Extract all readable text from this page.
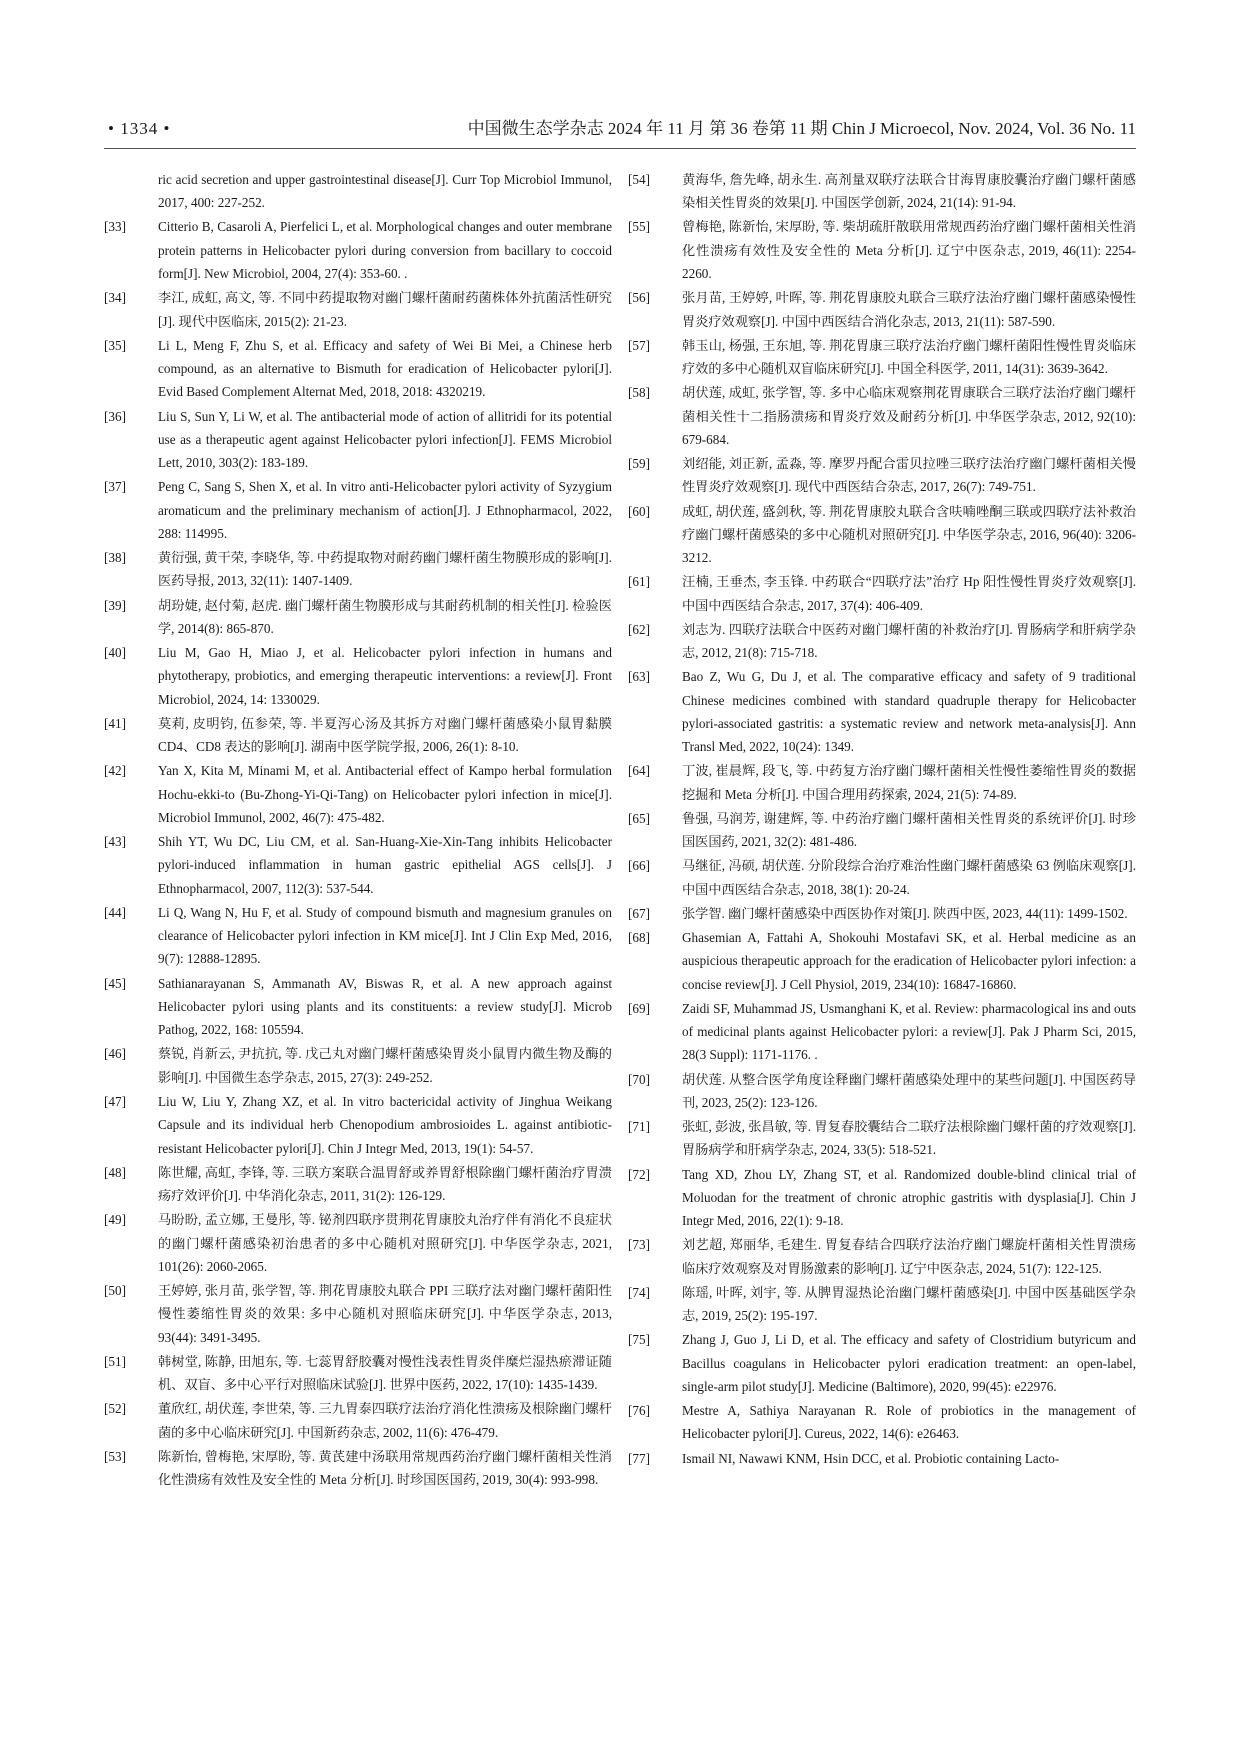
• 1334 •	中国微生态学杂志 2024 年 11 月 第 36 卷第 11 期 Chin J Microecol, Nov. 2024, Vol. 36 No. 11
ric acid secretion and upper gastrointestinal disease[J]. Curr Top Microbiol Immunol, 2017, 400: 227-252.
[33]	Citterio B, Casaroli A, Pierfelici L, et al. Morphological changes and outer membrane protein patterns in Helicobacter pylori during conversion from bacillary to coccoid form[J]. New Microbiol, 2004, 27(4): 353-60. .
[34]	李江, 成虹, 高文, 等. 不同中药提取物对幽门螺杆菌耐药菌株体外抗菌活性研究[J]. 现代中医临床, 2015(2): 21-23.
[35]	Li L, Meng F, Zhu S, et al. Efficacy and safety of Wei Bi Mei, a Chinese herb compound, as an alternative to Bismuth for eradication of Helicobacter pylori[J]. Evid Based Complement Alternat Med, 2018, 2018: 4320219.
[36]	Liu S, Sun Y, Li W, et al. The antibacterial mode of action of allitridi for its potential use as a therapeutic agent against Helicobacter pylori infection[J]. FEMS Microbiol Lett, 2010, 303(2): 183-189.
[37]	Peng C, Sang S, Shen X, et al. In vitro anti-Helicobacter pylori activity of Syzygium aromaticum and the preliminary mechanism of action[J]. J Ethnopharmacol, 2022, 288: 114995.
[38]	黄衍强, 黄干荣, 李晓华, 等. 中药提取物对耐药幽门螺杆菌生物膜形成的影响[J]. 医药导报, 2013, 32(11): 1407-1409.
[39]	胡玢婕, 赵付菊, 赵虎. 幽门螺杆菌生物膜形成与其耐药机制的相关性[J]. 检验医学, 2014(8): 865-870.
[40]	Liu M, Gao H, Miao J, et al. Helicobacter pylori infection in humans and phytotherapy, probiotics, and emerging therapeutic interventions: a review[J]. Front Microbiol, 2024, 14: 1330029.
[41]	莫莉, 皮明钧, 伍参荣, 等. 半夏泻心汤及其拆方对幽门螺杆菌感染小鼠胃黏膜 CD4、CD8 表达的影响[J]. 湖南中医学院学报, 2006, 26(1): 8-10.
[42]	Yan X, Kita M, Minami M, et al. Antibacterial effect of Kampo herbal formulation Hochu-ekki-to (Bu-Zhong-Yi-Qi-Tang) on Helicobacter pylori infection in mice[J]. Microbiol Immunol, 2002, 46(7): 475-482.
[43]	Shih YT, Wu DC, Liu CM, et al. San-Huang-Xie-Xin-Tang inhibits Helicobacter pylori-induced inflammation in human gastric epithelial AGS cells[J]. J Ethnopharmacol, 2007, 112(3): 537-544.
[44]	Li Q, Wang N, Hu F, et al. Study of compound bismuth and magnesium granules on clearance of Helicobacter pylori infection in KM mice[J]. Int J Clin Exp Med, 2016, 9(7): 12888-12895.
[45]	Sathianarayanan S, Ammanath AV, Biswas R, et al. A new approach against Helicobacter pylori using plants and its constituents: a review study[J]. Microb Pathog, 2022, 168: 105594.
[46]	蔡锐, 肖新云, 尹抗抗, 等. 戊己丸对幽门螺杆菌感染胃炎小鼠胃内微生物及酶的影响[J]. 中国微生态学杂志, 2015, 27(3): 249-252.
[47]	Liu W, Liu Y, Zhang XZ, et al. In vitro bactericidal activity of Jinghua Weikang Capsule and its individual herb Chenopodium ambrosioides L. against antibiotic-resistant Helicobacter pylori[J]. Chin J Integr Med, 2013, 19(1): 54-57.
[48]	陈世耀, 高虹, 李锋, 等. 三联方案联合温胃舒或养胃舒根除幽门螺杆菌治疗胃溃疡疗效评价[J]. 中华消化杂志, 2011, 31(2): 126-129.
[49]	马盼盼, 孟立娜, 王曼彤, 等. 铋剂四联序贯荆花胃康胶丸治疗伴有消化不良症状的幽门螺杆菌感染初治患者的多中心随机对照研究[J]. 中华医学杂志, 2021, 101(26): 2060-2065.
[50]	王婷婷, 张月苗, 张学智, 等. 荆花胃康胶丸联合 PPI 三联疗法对幽门螺杆菌阳性慢性萎缩性胃炎的效果: 多中心随机对照临床研究[J]. 中华医学杂志, 2013, 93(44): 3491-3495.
[51]	韩树堂, 陈静, 田旭东, 等. 七蕊胃舒胶囊对慢性浅表性胃炎伴糜烂湿热瘀滞证随机、双盲、多中心平行对照临床试验[J]. 世界中医药, 2022, 17(10): 1435-1439.
[52]	董欣红, 胡伏莲, 李世荣, 等. 三九胃泰四联疗法治疗消化性溃疡及根除幽门螺杆菌的多中心临床研究[J]. 中国新药杂志, 2002, 11(6): 476-479.
[53]	陈新怡, 曾梅艳, 宋厚盼, 等. 黄芪建中汤联用常规西药治疗幽门螺杆菌相关性消化性溃疡有效性及安全性的 Meta 分析[J]. 时珍国医国药, 2019, 30(4): 993-998.
[54]	黄海华, 詹先峰, 胡永生. 高剂量双联疗法联合甘海胃康胶囊治疗幽门螺杆菌感染相关性胃炎的效果[J]. 中国医学创新, 2024, 21(14): 91-94.
[55]	曾梅艳, 陈新怡, 宋厚盼, 等. 柴胡疏肝散联用常规西药治疗幽门螺杆菌相关性消化性溃疡有效性及安全性的 Meta 分析[J]. 辽宁中医杂志, 2019, 46(11): 2254-2260.
[56]	张月苗, 王婷婷, 叶晖, 等. 荆花胃康胶丸联合三联疗法治疗幽门螺杆菌感染慢性胃炎疗效观察[J]. 中国中西医结合消化杂志, 2013, 21(11): 587-590.
[57]	韩玉山, 杨强, 王东旭, 等. 荆花胃康三联疗法治疗幽门螺杆菌阳性慢性胃炎临床疗效的多中心随机双盲临床研究[J]. 中国全科医学, 2011, 14(31): 3639-3642.
[58]	胡伏莲, 成虹, 张学智, 等. 多中心临床观察荆花胃康联合三联疗法治疗幽门螺杆菌相关性十二指肠溃疡和胃炎疗效及耐药分析[J]. 中华医学杂志, 2012, 92(10): 679-684.
[59]	刘绍能, 刘正新, 孟淼, 等. 摩罗丹配合雷贝拉唑三联疗法治疗幽门螺杆菌相关慢性胃炎疗效观察[J]. 现代中西医结合杂志, 2017, 26(7): 749-751.
[60]	成虹, 胡伏莲, 盛剑秋, 等. 荆花胃康胶丸联合含呋喃唑酮三联或四联疗法补救治疗幽门螺杆菌感染的多中心随机对照研究[J]. 中华医学杂志, 2016, 96(40): 3206-3212.
[61]	汪楠, 王垂杰, 李玉锋. 中药联合“四联疗法”治疗 Hp 阳性慢性胃炎疗效观察[J]. 中国中西医结合杂志, 2017, 37(4): 406-409.
[62]	刘志为. 四联疗法联合中医药对幽门螺杆菌的补救治疗[J]. 胃肠病学和肝病学杂志, 2012, 21(8): 715-718.
[63]	Bao Z, Wu G, Du J, et al. The comparative efficacy and safety of 9 traditional Chinese medicines combined with standard quadruple therapy for Helicobacter pylori-associated gastritis: a systematic review and network meta-analysis[J]. Ann Transl Med, 2022, 10(24): 1349.
[64]	丁波, 崔晨辉, 段飞, 等. 中药复方治疗幽门螺杆菌相关性慢性萎缩性胃炎的数据挖掘和 Meta 分析[J]. 中国合理用药探索, 2024, 21(5): 74-89.
[65]	鲁强, 马润芳, 谢建辉, 等. 中药治疗幽门螺杆菌相关性胃炎的系统评价[J]. 时珍国医国药, 2021, 32(2): 481-486.
[66]	马继征, 冯硕, 胡伏莲. 分阶段综合治疗难治性幽门螺杆菌感染 63 例临床观察[J]. 中国中西医结合杂志, 2018, 38(1): 20-24.
[67]	张学智. 幽门螺杆菌感染中西医协作对策[J]. 陕西中医, 2023, 44(11): 1499-1502.
[68]	Ghasemian A, Fattahi A, Shokouhi Mostafavi SK, et al. Herbal medicine as an auspicious therapeutic approach for the eradication of Helicobacter pylori infection: a concise review[J]. J Cell Physiol, 2019, 234(10): 16847-16860.
[69]	Zaidi SF, Muhammad JS, Usmanghani K, et al. Review: pharmacological ins and outs of medicinal plants against Helicobacter pylori: a review[J]. Pak J Pharm Sci, 2015, 28(3 Suppl): 1171-1176. .
[70]	胡伏莲. 从整合医学角度诠释幽门螺杆菌感染处理中的某些问题[J]. 中国医药导刊, 2023, 25(2): 123-126.
[71]	张虹, 彭波, 张昌敏, 等. 胃复春胶囊结合二联疗法根除幽门螺杆菌的疗效观察[J]. 胃肠病学和肝病学杂志, 2024, 33(5): 518-521.
[72]	Tang XD, Zhou LY, Zhang ST, et al. Randomized double-blind clinical trial of Moluodan for the treatment of chronic atrophic gastritis with dysplasia[J]. Chin J Integr Med, 2016, 22(1): 9-18.
[73]	刘艺超, 郑丽华, 毛建生. 胃复春结合四联疗法治疗幽门螺旋杆菌相关性胃溃疡临床疗效观察及对胃肠激素的影响[J]. 辽宁中医杂志, 2024, 51(7): 122-125.
[74]	陈瑶, 叶晖, 刘宇, 等. 从脾胃湿热论治幽门螺杆菌感染[J]. 中国中医基础医学杂志, 2019, 25(2): 195-197.
[75]	Zhang J, Guo J, Li D, et al. The efficacy and safety of Clostridium butyricum and Bacillus coagulans in Helicobacter pylori eradication treatment: an open-label, single-arm pilot study[J]. Medicine (Baltimore), 2020, 99(45): e22976.
[76]	Mestre A, Sathiya Narayanan R. Role of probiotics in the management of Helicobacter pylori[J]. Cureus, 2022, 14(6): e26463.
[77]	Ismail NI, Nawawi KNM, Hsin DCC, et al. Probiotic containing Lacto-
